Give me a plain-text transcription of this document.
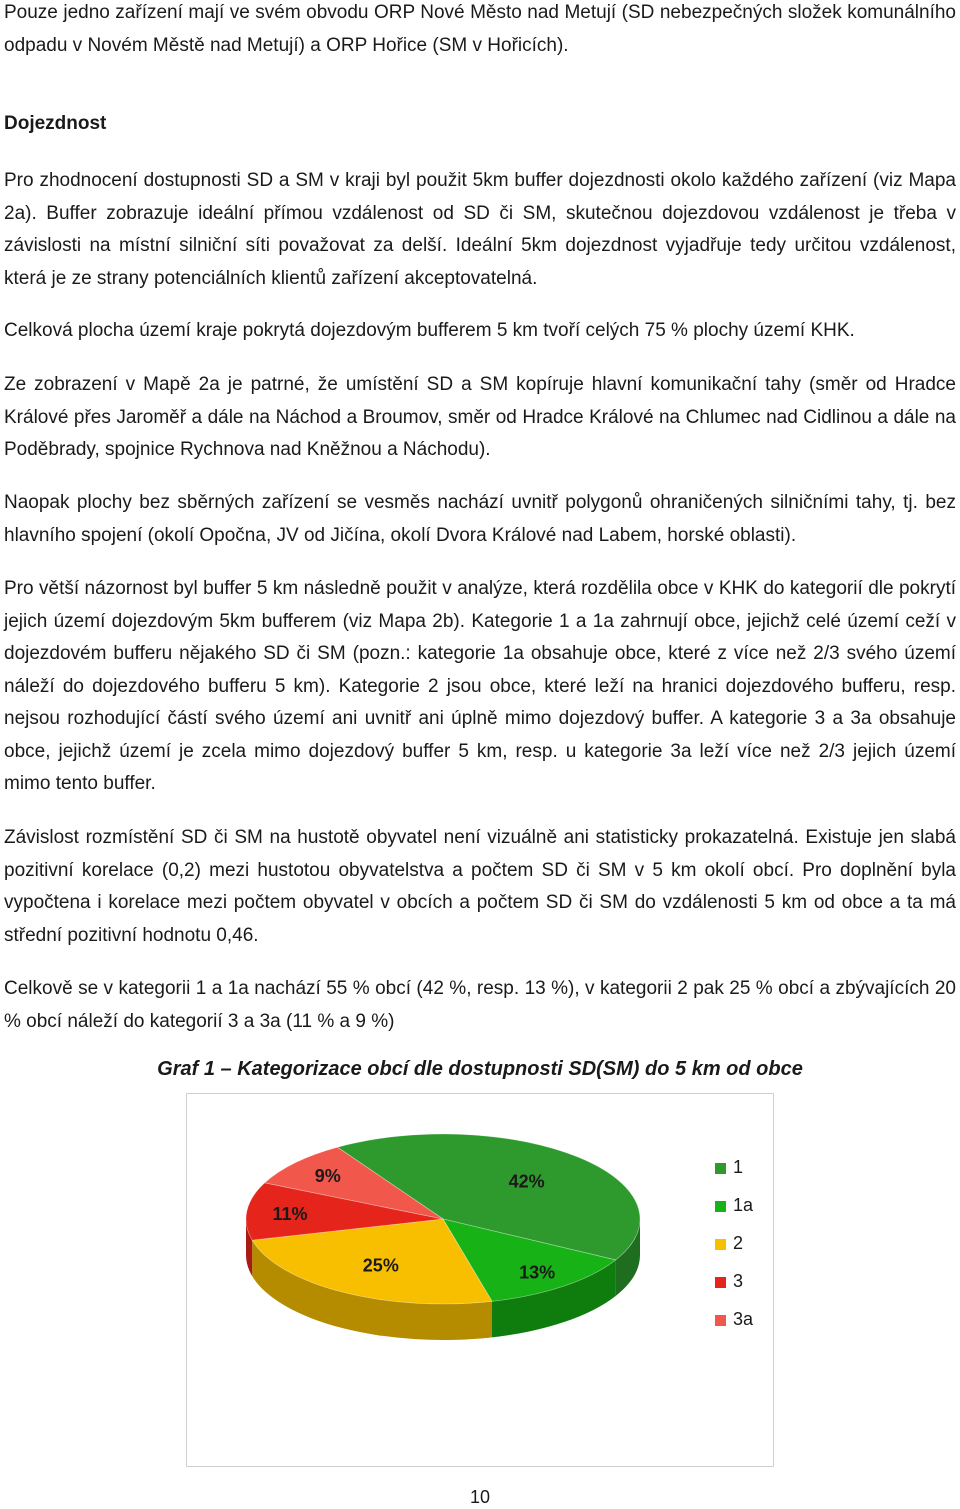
Pouze jedno zařízení mají ve svém obvodu ORP Nové Město nad Metují (SD nebezpečných složek komunálního odpadu v Novém Městě nad Metují) a ORP Hořice (SM v Hořicích).

Dojezdnost

Pro zhodnocení dostupnosti SD a SM v kraji byl použit 5km buffer dojezdnosti okolo každého zařízení (viz Mapa 2a). Buffer zobrazuje ideální přímou vzdálenost od SD či SM, skutečnou dojezdovou vzdálenost je třeba v závislosti na místní silniční síti považovat za delší. Ideální 5km dojezdnost vyjadřuje tedy určitou vzdálenost, která je ze strany potenciálních klientů zařízení akceptovatelná.

Celková plocha území kraje pokrytá dojezdovým bufferem 5 km tvoří celých 75 % plochy území KHK.

Ze zobrazení v Mapě 2a je patrné, že umístění SD a SM kopíruje hlavní komunikační tahy (směr od Hradce Králové přes Jaroměř a dále na Náchod a Broumov, směr od Hradce Králové na Chlumec nad Cidlinou a dále na Poděbrady, spojnice Rychnova nad Kněžnou a Náchodu).

Naopak plochy bez sběrných zařízení se vesměs nachází uvnitř polygonů ohraničených silničními tahy, tj. bez hlavního spojení (okolí Opočna, JV od Jičína, okolí Dvora Králové nad Labem, horské oblasti).

Pro větší názornost byl buffer 5 km následně použit v analýze, která rozdělila obce v KHK do kategorií dle pokrytí jejich území dojezdovým 5km bufferem (viz Mapa 2b). Kategorie 1 a 1a zahrnují obce, jejichž celé území ceží v dojezdovém bufferu nějakého SD či SM (pozn.: kategorie 1a obsahuje obce, které z více než 2/3 svého území náleží do dojezdového bufferu 5 km). Kategorie 2 jsou obce, které leží na hranici dojezdového bufferu, resp. nejsou rozhodující částí svého území ani uvnitř ani úplně mimo dojezdový buffer. A kategorie 3 a 3a obsahuje obce, jejichž území je zcela mimo dojezdový buffer 5 km, resp. u kategorie 3a leží více než 2/3 jejich území mimo tento buffer.

Závislost rozmístění SD či SM na hustotě obyvatel není vizuálně ani statisticky prokazatelná. Existuje jen slabá pozitivní korelace (0,2) mezi hustotou obyvatelstva a počtem SD či SM v 5 km okolí obcí. Pro doplnění byla vypočtena i korelace mezi počtem obyvatel v obcích a počtem SD či SM do vzdálenosti 5 km od obce a ta má střední pozitivní hodnotu 0,46.

Celkově se v kategorii 1 a 1a nachází 55 % obcí (42 %, resp. 13 %), v kategorii 2 pak 25 % obcí a zbývajících 20 % obcí náleží do kategorií 3 a 3a (11 % a 9 %)

Graf 1 – Kategorizace obcí dle dostupnosti SD(SM) do 5 km od obce

42%
13%
25%
11%
9%	1
1a
2
3
3a

10
